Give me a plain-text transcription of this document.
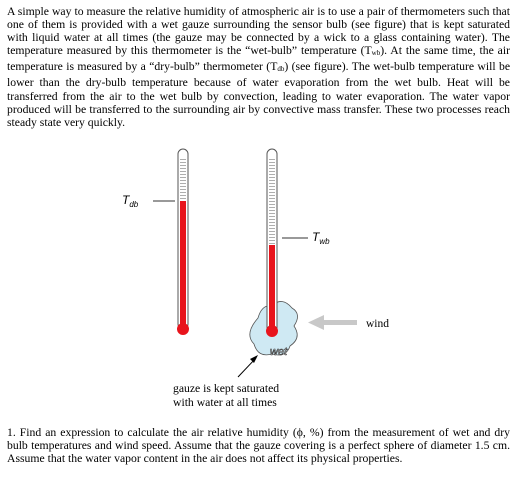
A simple way to measure the relative humidity of atmospheric air is to use a pair of thermometers such that one of them is provided with a wet gauze surrounding the sensor bulb (see figure) that is kept saturated with liquid water at all times (the gauze may be connected by a wick to a glass containing water). The temperature measured by this thermometer is the “wet-bulb” temperature (Twb). At the same time, the air temperature is measured by a “dry-bulb” thermometer (Tdb) (see figure). The wet-bulb temperature will be lower than the dry-bulb temperature because of water evaporation from the wet bulb. Heat will be transferred from the air to the wet bulb by convection, leading to water evaporation. The water vapor produced will be transferred to the surrounding air by convective mass transfer. These two processes reach steady state very quickly.

$T_{db}$
$T_{wb}$
wind
wet
gauze is kept saturated
with water at all times

1. Find an expression to calculate the air relative humidity (ϕ, %) from the measurement of wet and dry bulb temperatures and wind speed. Assume that the gauze covering is a perfect sphere of diameter 1.5 cm. Assume that the water vapor content in the air does not affect its physical properties.
